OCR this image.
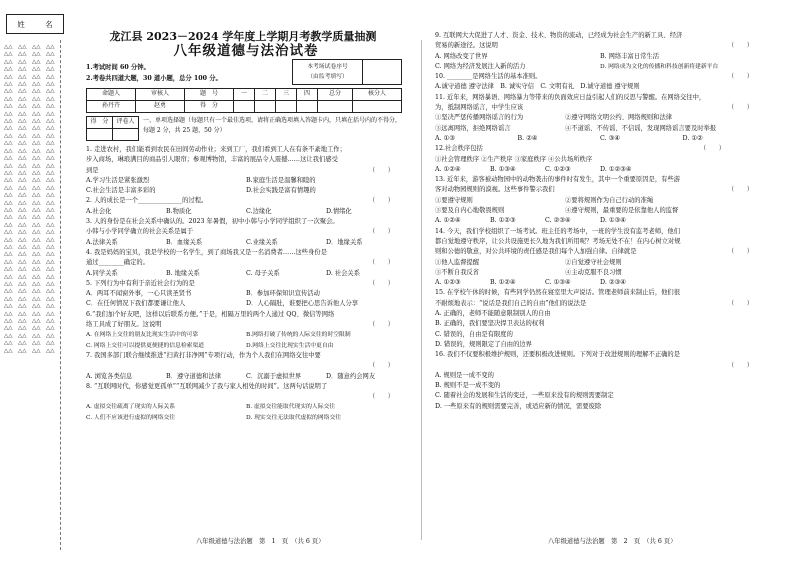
姓	名
△△△△△△△△△△△△△△△△△△△△△△△△△△△△△△△△△△△△△△△△△△△△△△△△△△△△△△△△△△△△△△△△△△△△△△△△△△△△△△△△△△△△
△△△△△△△△△△△△△△△△△△△△△△△△△△△△△△△△△△△△△△△△△△△△△△△△△△△△△△△△△△△△△△△△△△△△△△△△△△△△△△△△△△△△
△△△△△△△△△△△△△△△△△△△△△△△△△△△△△△△△△△△△△△△△△△△△△△△△△△△△△△△△△△△△△△△△△△△△△△△△△△△△△△△△△△△△
△△△△△△△△△△△△△△△△△△△△△△△△△△△△△△△△△△△△△△△△△△△△△△△△△△△△△△△△△△△△△△△△△△△△△△△△△△△△△△△△△△△△
龙江县 2023－2024 学年度上学期月考教学质量抽测
八年级道德与法治试卷
1.考试时间 60 分钟。
2.考卷共四道大题，30 道小题，总分 100 分。
本考场试卷序号
（由监考填写）
命题人	审核人	题　号	一	二	三	四	总分	核分人
孙丹卉	赵勇	得　分						
得　分	评卷人
		一、单项选择题（每题只有一个最佳选项，请将正确选项填入答题卡内，只填在括号内的不得分，每题 2 分，共 25 题，50 分）
1. 走进农村，我们能看到农民在田间劳动作业；来到工厂，我们看到工人在有条不紊地工作；
步入商场，琳琅满目的商品引人眼帘；参观博物馆，丰富的展品令人震撼……这让我们感受
到是	（　　）
A.学习生活是紧张激烈	B.家庭生活是温馨和睦的
C.社会生活是丰富多彩的	D.社会实践是富有情趣的
2. 人的成长是一个______________的过程。	（　　）
A.社会化	B.物质化	C.边缘化	D.情绪化
3. 人的身份是在社会关系中确认的。2023 年暑假，初中小韩与小学同学组织了一次聚会。
小韩与小学同学确立的社会关系是属于	（　　）
A.法律关系	B．血缘关系	C.业缘关系	D．地缘关系
4. 我是妈妈的宝贝，我是学校的一名学生，到了商场我又是一名消费者……这些身份是
通过________确定的。	（　　）
A.同学关系	B. 地缘关系	C. 母子关系	D. 社会关系
5. 下列行为中有利于亲近社会行为的是	（　　）
A．两耳不闻窗外事，一心只读圣贤书	B．参加环保知识宣传活动
C．在任何情况下我们都要谦让他人	D．人心隔肚，谁要把心思告诉他人分享
6.“我们加个好友吧，这样以后联系方便。”于是，相隔万里的两个人通过 QQ、微信等网络
络工具成了好朋友。这说明	（　　）
A. 在网络上交往的朋友比现实生活中的可靠	B.网络打破了传统的人际交往的时空限制
C. 网络上交往可以提供更便捷的信息检索渠道	D.网络上交往比现实生活中更自由
7. 我国多部门联合继续推进“扫黄打非净网”专项行动，作为个人我们在网络交往中要
（　　）

A. 浏览各类信息	B．遵守道德和法律	C．沉溺于虚拟世界	D．随意约会网友
8. “互联网时代，你感觉更孤单”“互联网减少了我与家人相处的时间”。这两句话说明了
（　　）

A. 虚拟交往疏离了现实的人际关系	B. 虚拟交往能取代现实的人际交往
C. 人们不应该进行虚拟的网络交往	D. 现实交往无法取代虚拟的网络交往
9. 互联网大大促进了人才、资金、技术、物资的流动，已经成为社会生产的新工具、经济
贸易的新途径。这说明	（　　）
A. 网络改变了世界	B. 网络丰富日常生活
C. 网络为经济发展注入新的活力	D. 网络成为文化的传播和科技创新将建新平台
10. ________是网络生活的基本准则。	（　　）
A.诚守道德 遵守法律　B. 诚实守信　C. 文明有礼　D.诚守道德 遵守规则
11. 近年来，网络暴语、网络暴力等带来的负面效应日益引起人们的反思与警醒。在网络交往中，
为，抵制网络谣言，中学生应该	（　　）
①坚决严惩传播网络谣言的行为	②遵守网络文明公约、网络规则和法律
③远离网络，拒绝网络谣言	④不道谣、不传谣、不信谣，发现网络谣言要及时举报
A. ①③	B. ②④	C. ③④	D. ①②
12.社会秩序包括	（　　）
①社会管理秩序 ②生产秩序 ③家庭秩序 ④公共场所秩序
A. ①②④	B. ①③④	C. ①②③	D. ①②③④
13. 近年来，游客被动物园中的动物袭击的事件时有发生，其中一个重要原因是，有些游
客对动物园规则的漠视。这些事件警示我们	（　　）
①要遵守规则	②要将规则作为自己行动的准绳
③要及自内心地敬畏规则	④遵守规则，最重要的是依靠他人的监督
A. ①②④	B. ①②③	C. ②③④	D. ①③④
14. 今天，我们学校组织了一场考试。班主任的考场中，一班的学生没有监考老师，他们
都自觉地遵守秩序，让公共设施更长久地为我们所用呢？考场无处不在！在内心树立对规
则和公德的敬意，对公共环境的责任感是我们每个人加强自律。自律就是	（　　）
①他人监督提醒	②自觉遵守社会规则
③不断自我反省	④主动克服不良习惯
A. ①②③	B. ①②④	C. ①③④	D. ②③④
15. 在学校午休的时候，有些同学仍然在寝室里大声说话。管理老师前来制止后，他们很
不耐烦地表示：“说话是我们自己的自由”他们的说法是	（　　）
A. 正确的，老师不能随意限制别人的自由
B. 正确的，我们要坚决捍卫表达的权利
C. 错误的，自由是有限度的
D. 错误的，规则限定了自由的边界
16. 我们不仅要积极维护规则，还要积极改进规则。下列对于改进规则的理解不正确的是
（　　）

A. 规则是一成不变的
B. 规则不是一成不变的
C. 随着社会的发展和生活的变迁，一些原来没有的规则需要制定
D. 一些原来有的规则需要完善，或适应新的情况，需要废除
八年级道德与法治题　第　1　页　（共 6 页）	八年级道德与法治题　第　2　页　（共 6 页）
